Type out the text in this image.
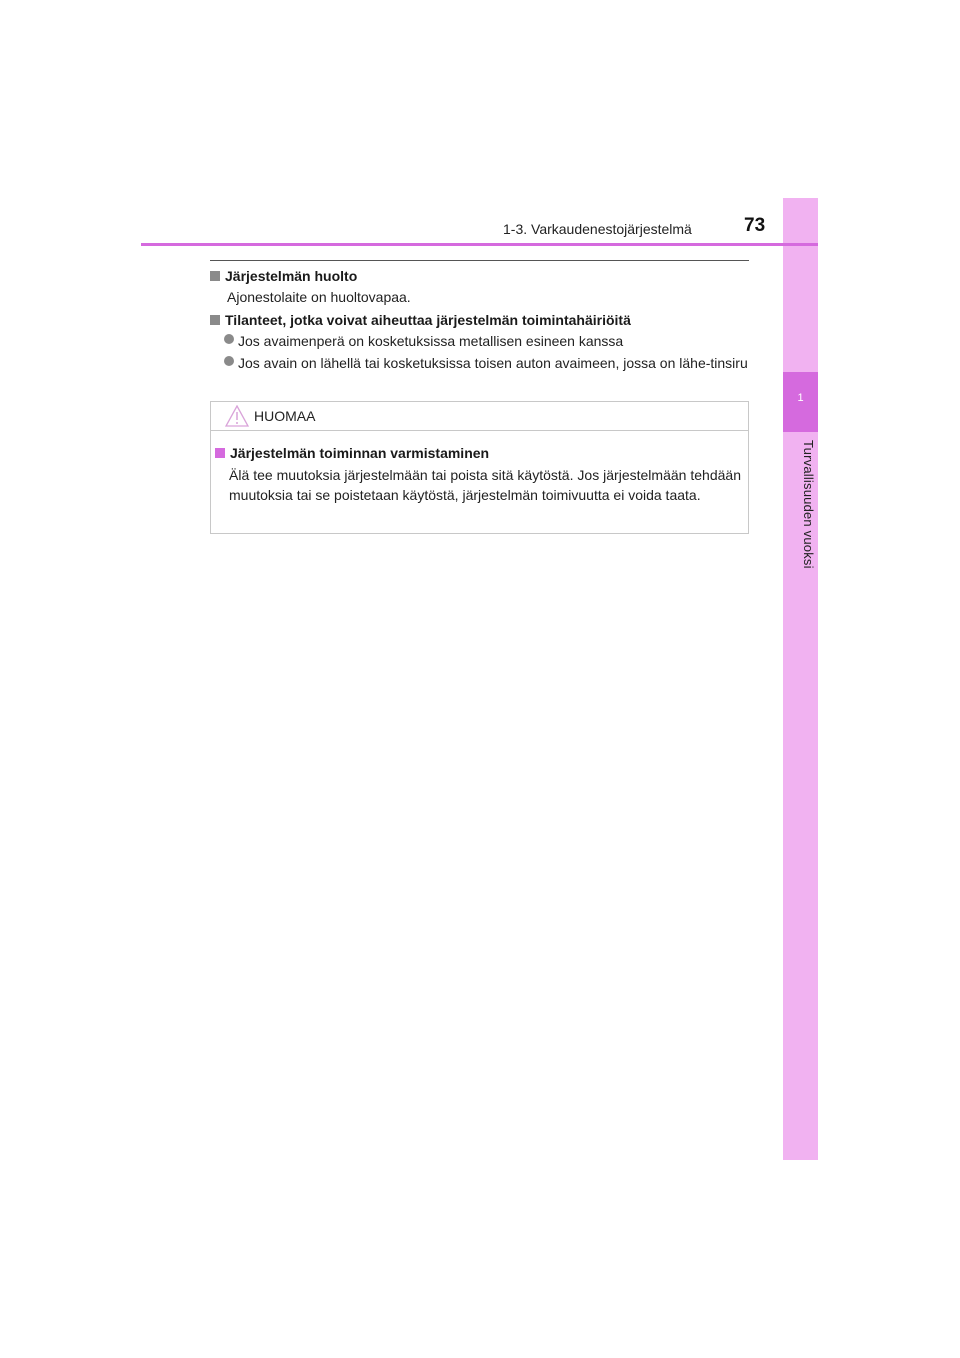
1
Turvallisuuden vuoksi
1-3. Varkaudenestojärjestelmä	73
Järjestelmän huolto
Ajonestolaite on huoltovapaa.
Tilanteet, jotka voivat aiheuttaa järjestelmän toimintahäiriöitä
Jos avaimenperä on kosketuksissa metallisen esineen kanssa
Jos avain on lähellä tai kosketuksissa toisen auton avaimeen, jossa on lähe-tinsiru
HUOMAA
Järjestelmän toiminnan varmistaminen
Älä tee muutoksia järjestelmään tai poista sitä käytöstä. Jos järjestelmään tehdään muutoksia tai se poistetaan käytöstä, järjestelmän toimivuutta ei voida taata.
